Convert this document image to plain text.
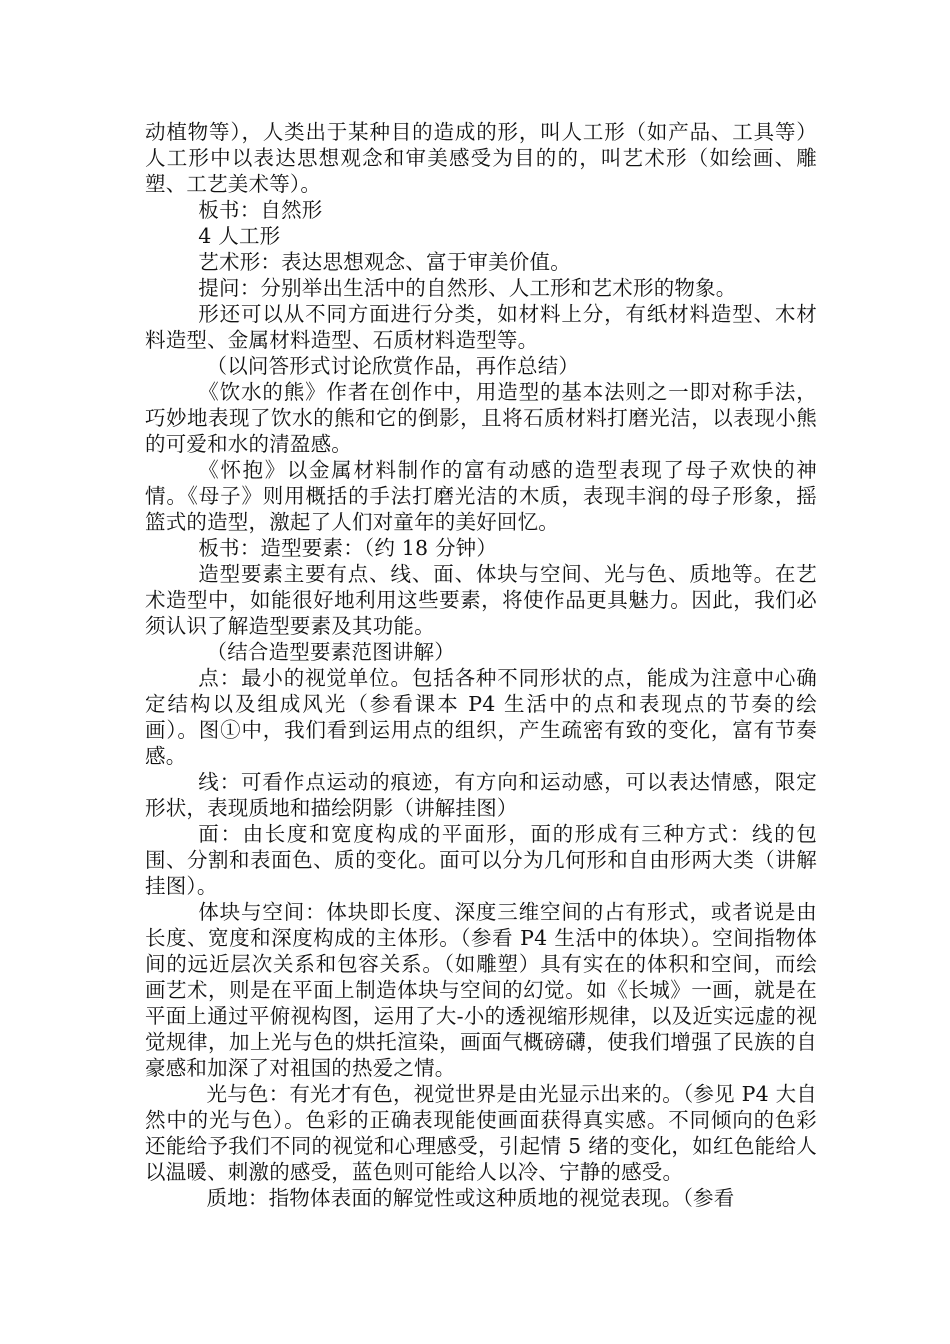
动植物等），人类出于某种目的造成的形，叫人工形（如产品、工具等）人工形中以表达思想观念和审美感受为目的的，叫艺术形（如绘画、雕塑、工艺美术等）。

板书：自然形

4 人工形

艺术形：表达思想观念、富于审美价值。

提问：分别举出生活中的自然形、人工形和艺术形的物象。

形还可以从不同方面进行分类，如材料上分，有纸材料造型、木材料造型、金属材料造型、石质材料造型等。

（以问答形式讨论欣赏作品，再作总结）

《饮水的熊》作者在创作中，用造型的基本法则之一即对称手法，巧妙地表现了饮水的熊和它的倒影，且将石质材料打磨光洁，以表现小熊的可爱和水的清盈感。

《怀抱》以金属材料制作的富有动感的造型表现了母子欢快的神情。《母子》则用概括的手法打磨光洁的木质，表现丰润的母子形象，摇篮式的造型，激起了人们对童年的美好回忆。

板书：造型要素：（约 18 分钟）

造型要素主要有点、线、面、体块与空间、光与色、质地等。在艺术造型中，如能很好地利用这些要素，将使作品更具魅力。因此，我们必须认识了解造型要素及其功能。

（结合造型要素范图讲解）

点：最小的视觉单位。包括各种不同形状的点，能成为注意中心确定结构以及组成风光（参看课本 P4 生活中的点和表现点的节奏的绘画）。图①中，我们看到运用点的组织，产生疏密有致的变化，富有节奏感。

线：可看作点运动的痕迹，有方向和运动感，可以表达情感，限定形状，表现质地和描绘阴影（讲解挂图）

面：由长度和宽度构成的平面形，面的形成有三种方式：线的包围、分割和表面色、质的变化。面可以分为几何形和自由形两大类（讲解挂图）。

体块与空间：体块即长度、深度三维空间的占有形式，或者说是由长度、宽度和深度构成的主体形。（参看 P4 生活中的体块）。空间指物体间的远近层次关系和包容关系。（如雕塑）具有实在的体积和空间，而绘画艺术，则是在平面上制造体块与空间的幻觉。如《长城》一画，就是在平面上通过平俯视构图，运用了大-小的透视缩形规律，以及近实远虚的视觉规律，加上光与色的烘托渲染，画面气概磅礴，使我们增强了民族的自豪感和加深了对祖国的热爱之情。

光与色：有光才有色，视觉世界是由光显示出来的。（参见 P4 大自然中的光与色）。色彩的正确表现能使画面获得真实感。不同倾向的色彩还能给予我们不同的视觉和心理感受，引起情 5 绪的变化，如红色能给人以温暖、刺激的感受，蓝色则可能给人以冷、宁静的感受。

质地：指物体表面的解觉性或这种质地的视觉表现。（参看
